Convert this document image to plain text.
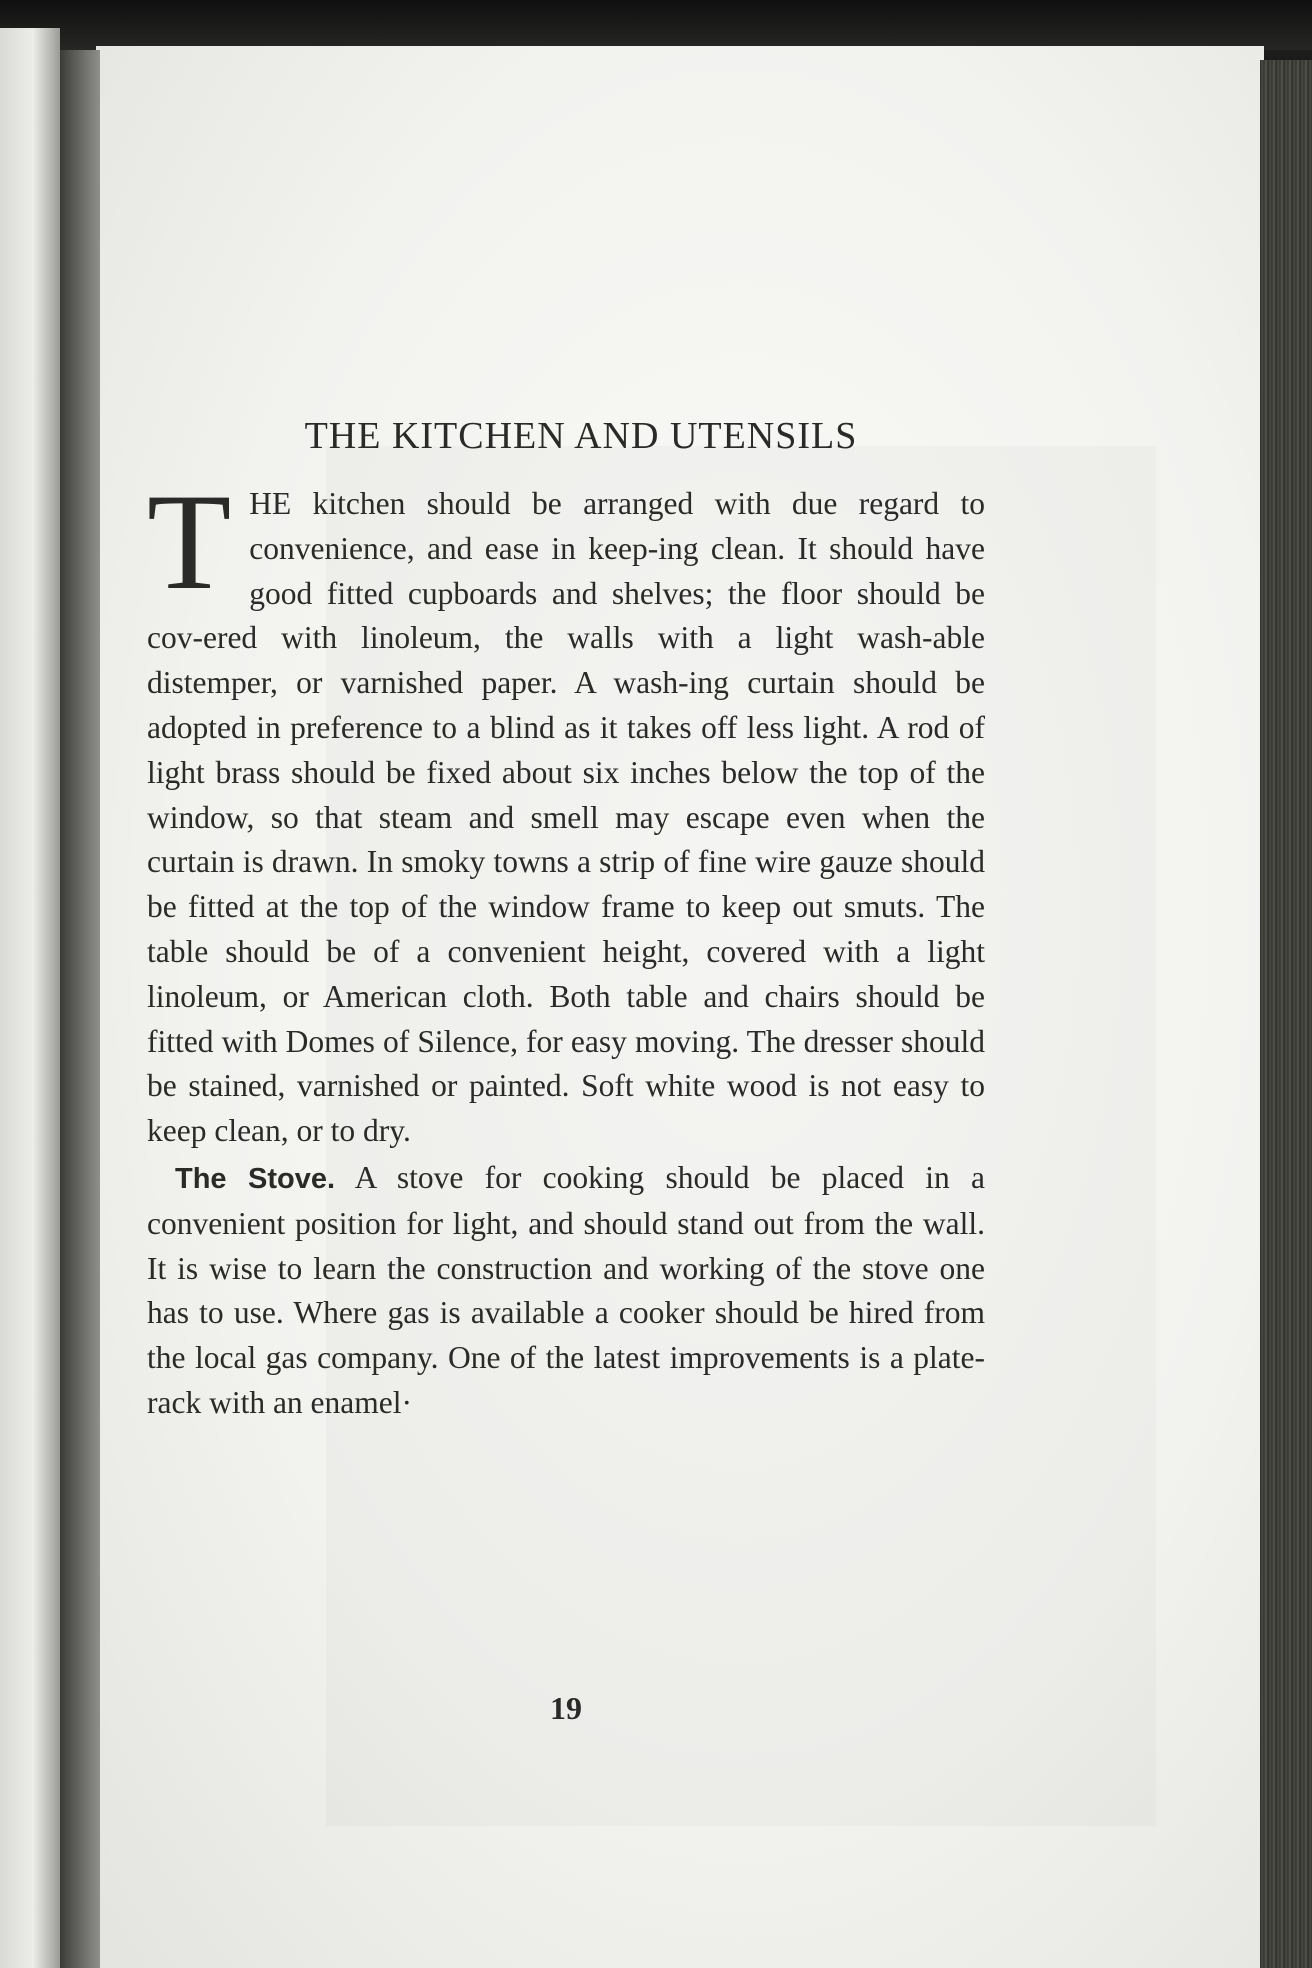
THE KITCHEN AND UTENSILS

THE kitchen should be arranged with due regard to convenience, and ease in keep-ing clean. It should have good fitted cupboards and shelves; the floor should be cov-ered with linoleum, the walls with a light wash-able distemper, or varnished paper. A wash-ing curtain should be adopted in preference to a blind as it takes off less light. A rod of light brass should be fixed about six inches below the top of the window, so that steam and smell may escape even when the curtain is drawn. In smoky towns a strip of fine wire gauze should be fitted at the top of the window frame to keep out smuts. The table should be of a convenient height, covered with a light linoleum, or American cloth. Both table and chairs should be fitted with Domes of Silence, for easy moving. The dresser should be stained, varnished or painted. Soft white wood is not easy to keep clean, or to dry.

The Stove. A stove for cooking should be placed in a convenient position for light, and should stand out from the wall. It is wise to learn the construction and working of the stove one has to use. Where gas is available a cooker should be hired from the local gas company. One of the latest improvements is a plate-rack with an enamel·

19
